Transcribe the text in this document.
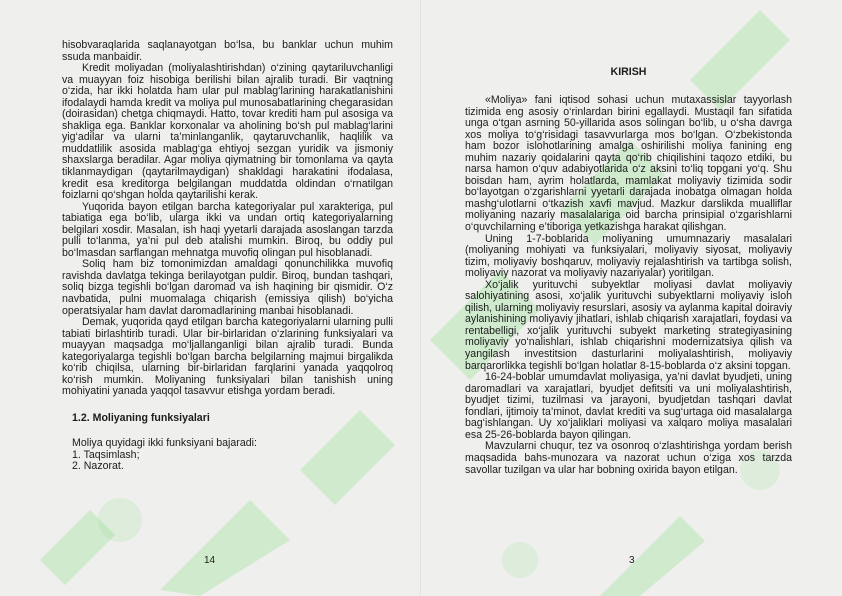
hisobvaraqlarida saqlanayotgan bo‘lsa, bu banklar uchun muhim ssuda manbaidir.

Kredit moliyadan (moliyalashtirishdan) o‘zining qaytariluvchanligi va muayyan foiz hisobiga berilishi bilan ajralib turadi. Bir vaqtning o‘zida, har ikki holatda ham ular pul mablag‘larining harakatlanishini ifodalaydi hamda kredit va moliya pul munosabatlarining chegarasidan (doirasidan) chetga chiqmaydi. Hatto, tovar krediti ham pul asosiga va shakliga ega. Banklar korxonalar va aholining bo‘sh pul mablag‘larini yig‘adilar va ularni ta’minlanganlik, qaytaruvchanlik, haqlilik va muddatlilik asosida mablag‘ga ehtiyoj sezgan yuridik va jismoniy shaxslarga beradilar. Agar moliya qiymatning bir tomonlama va qayta tiklanmaydigan (qaytarilmaydigan) shakldagi harakatini ifodalasa, kredit esa kreditorga belgilangan muddatda oldindan o‘rnatilgan foizlarni qo‘shgan holda qaytarilishi kerak.

Yuqorida bayon etilgan barcha kategoriyalar pul xarakteriga, pul tabiatiga ega bo‘lib, ularga ikki va undan ortiq kategoriyalarning belgilari xosdir. Masalan, ish haqi yyetarli darajada asoslangan tarzda pulli to‘lanma, ya’ni pul deb atalishi mumkin. Biroq, bu oddiy pul bo‘lmasdan sarflangan mehnatga muvofiq olingan pul hisoblanadi.

Soliq ham biz tomonimizdan amaldagi qonunchilikka muvofiq ravishda davlatga tekinga berilayotgan puldir. Biroq, bundan tashqari, soliq bizga tegishli bo‘lgan daromad va ish haqining bir qismidir. O‘z navbatida, pulni muomalaga chiqarish (emissiya qilish) bo‘yicha operatsiyalar ham davlat daromadlarining manbai hisoblanadi.

Demak, yuqorida qayd etilgan barcha kategoriyalarni ularning pulli tabiati birlashtirib turadi. Ular bir-birlaridan o‘zlarining funksiyalari va muayyan maqsadga mo‘ljallanganligi bilan ajralib turadi. Bunda kategoriyalarga tegishli bo‘lgan barcha belgilarning majmui birgalikda ko‘rib chiqilsa, ularning bir-birlaridan farqlarini yanada yaqqolroq ko‘rish mumkin. Moliyaning funksiyalari bilan tanishish uning mohiyatini yanada yaqqol tasavvur etishga yordam beradi.

1.2. Moliyaning funksiyalari
Moliya quyidagi ikki funksiyani bajaradi:
1. Taqsimlash;
2. Nazorat.
14
KIRISH

«Moliya» fani iqtisod sohasi uchun mutaxassislar tayyorlash tizimida eng asosiy o‘rinlardan birini egallaydi. Mustaqil fan sifatida unga o‘tgan asrning 50-yillarida asos solingan bo‘lib, u o‘sha davrga xos moliya to‘g‘risidagi tasavvurlarga mos bo‘lgan. O‘zbekistonda ham bozor islohotlarining amalga oshirilishi moliya fanining eng muhim nazariy qoidalarini qayta qo‘rib chiqilishini taqozo etdiki, bu narsa hamon o‘quv adabiyotlarida o‘z aksini to‘liq topgani yo‘q. Shu boisdan ham, ayrim holatlarda, mamlakat moliyaviy tizimida sodir bo‘layotgan o‘zgarishlarni yyetarli darajada inobatga olmagan holda mashg‘ulotlarni o‘tkazish xavfi mavjud. Mazkur darslikda mualliflar moliyaning nazariy masalalariga oid barcha prinsipial o‘zgarishlarni o‘quvchilarning e’tiboriga yetkazishga harakat qilishgan.

Uning 1-7-boblarida moliyaning umumnazariy masalalari (moliyaning mohiyati va funksiyalari, moliyaviy siyosat, moliyaviy tizim, moliyaviy boshqaruv, moliyaviy rejalashtirish va tartibga solish, moliyaviy nazorat va moliyaviy nazariyalar) yoritilgan.

Xo‘jalik yurituvchi subyektlar moliyasi davlat moliyaviy salohiyatining asosi, xo‘jalik yurituvchi subyektlarni moliyaviy isloh qilish, ularning moliyaviy resurslari, asosiy va aylanma kapital doiraviy aylanishining moliyaviy jihatlari, ishlab chiqarish xarajatlari, foydasi va rentabelligi, xo‘jalik yurituvchi subyekt marketing strategiyasining moliyaviy yo‘nalishlari, ishlab chiqarishni modernizatsiya qilish va yangilash investitsion dasturlarini moliyalashtirish, moliyaviy barqarorlikka tegishli bo‘lgan holatlar 8-15-boblarda o‘z aksini topgan.

16-24-boblar umumdavlat moliyasiga, ya’ni davlat byudjeti, uning daromadlari va xarajatlari, byudjet defitsiti va uni moliyalashtirish, byudjet tizimi, tuzilmasi va jarayoni, byudjetdan tashqari davlat fondlari, ijtimoiy ta’minot, davlat krediti va sug‘urtaga oid masalalarga bag‘ishlangan. Uy xo‘jaliklari moliyasi va xalqaro moliya masalalari esa 25-26-boblarda bayon qilingan.

Mavzularni chuqur, tez va osonroq o‘zlashtirishga yordam berish maqsadida bahs-munozara va nazorat uchun o‘ziga xos tarzda savollar tuzilgan va ular har bobning oxirida bayon etilgan.

3
